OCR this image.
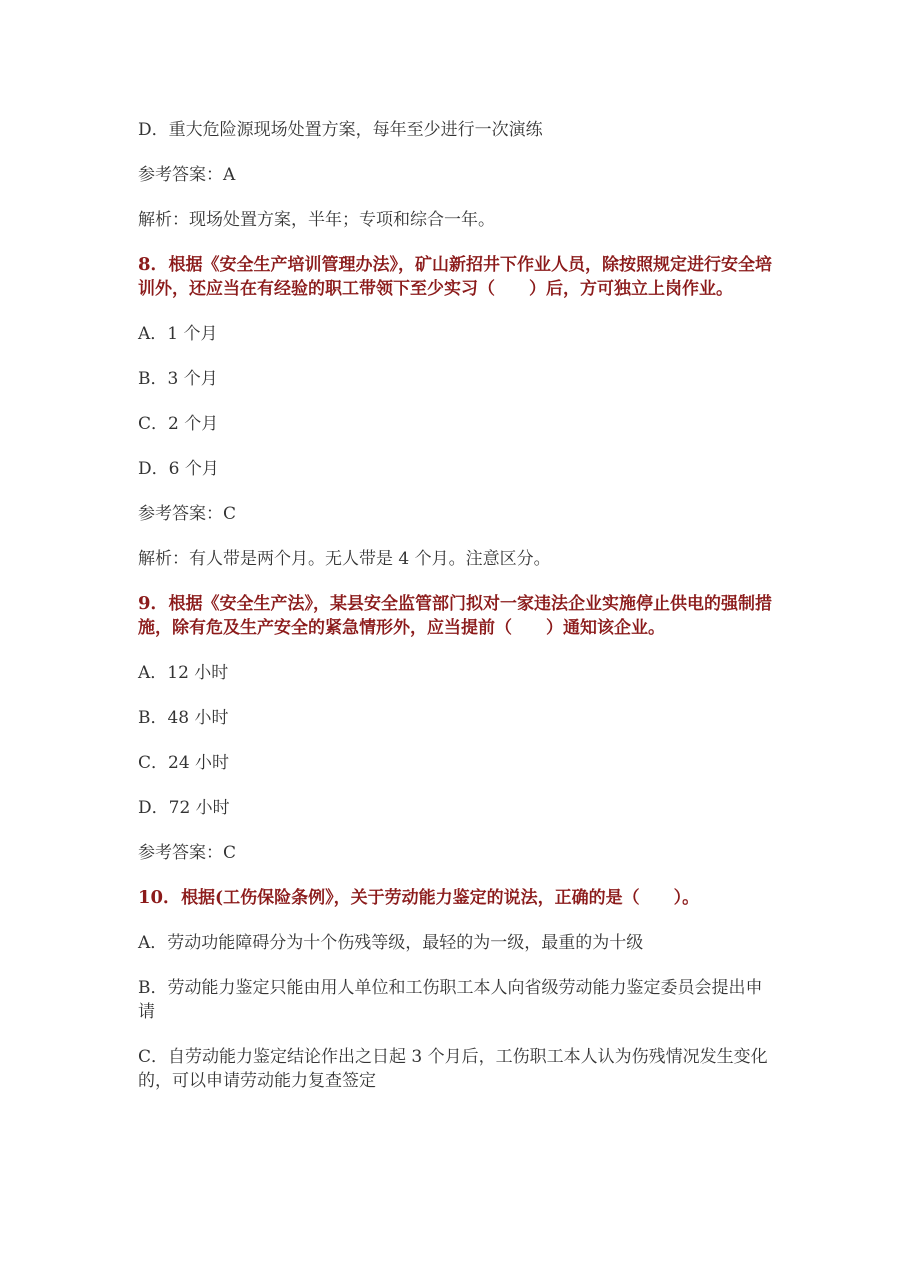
D．重大危险源现场处置方案，每年至少进行一次演练

参考答案：A

解析：现场处置方案，半年；专项和综合一年。

8．根据《安全生产培训管理办法》，矿山新招井下作业人员，除按照规定进行安全培训外，还应当在有经验的职工带领下至少实习（　　）后，方可独立上岗作业。

A．1 个月

B．3 个月

C．2 个月

D．6 个月

参考答案：C

解析：有人带是两个月。无人带是 4 个月。注意区分。

9．根据《安全生产法》，某县安全监管部门拟对一家违法企业实施停止供电的强制措施，除有危及生产安全的紧急情形外，应当提前（　　）通知该企业。

A．12 小时

B．48 小时

C．24 小时

D．72 小时

参考答案：C

10．根据(工伤保险条例》，关于劳动能力鉴定的说法，正确的是（　　）。

A．劳动功能障碍分为十个伤残等级，最轻的为一级，最重的为十级

B．劳动能力鉴定只能由用人单位和工伤职工本人向省级劳动能力鉴定委员会提出申请

C．自劳动能力鉴定结论作出之日起 3 个月后，工伤职工本人认为伤残情况发生变化的，可以申请劳动能力复查签定
